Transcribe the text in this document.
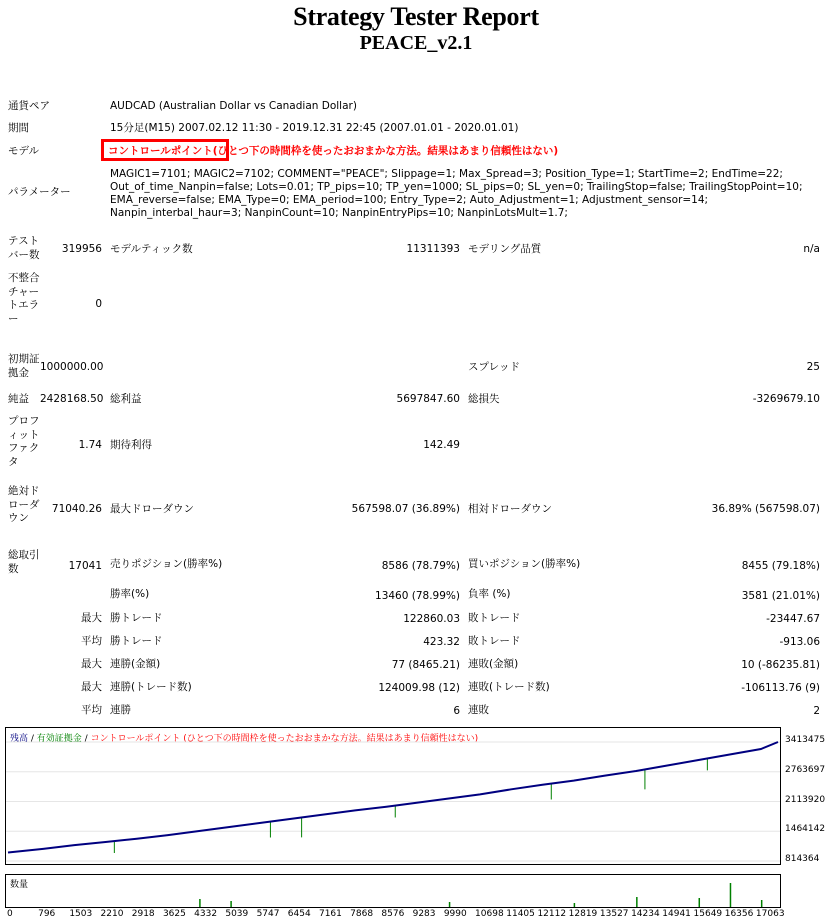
Strategy Tester Report
PEACE_v2.1
通貨ペア	AUDCAD (Australian Dollar vs Canadian Dollar)
期間	15分足(M15) 2007.02.12 11:30 - 2019.12.31 22:45 (2007.01.01 - 2020.01.01)
モデル	コントロールポイント(ひとつ下の時間枠を使ったおおまかな方法。結果はあまり信頼性はない)
パラメーター
MAGIC1=7101; MAGIC2=7102; COMMENT="PEACE"; Slippage=1; Max_Spread=3; Position_Type=1; StartTime=2; EndTime=22; Out_of_time_Nanpin=false; Lots=0.01; TP_pips=10; TP_yen=1000; SL_pips=0; SL_yen=0; TrailingStop=false; TrailingStopPoint=10; EMA_reverse=false; EMA_Type=0; EMA_period=100; Entry_Type=2; Auto_Adjustment=1; Adjustment_sensor=14; Nanpin_interbal_haur=3; NanpinCount=10; NanpinEntryPips=10; NanpinLotsMult=1.7;
テストバー数	319956 モデルティック数	11311393 モデリング品質	n/a
不整合チャートエラー
0
初期証拠金	1000000.00	スプレッド	25
純益 2428168.50 総利益	5697847.60 総損失	-3269679.10
プロフィットファクタ
1.74 期待利得	142.49
絶対ドローダウン
71040.26 最大ドローダウン	567598.07 (36.89%) 相対ドローダウン	36.89% (567598.07)
総取引数	17041 売りポジション(勝率%)	8586 (78.79%) 買いポジション(勝率%)	8455 (79.18%)
勝率(%)	13460 (78.99%) 負率 (%)	3581 (21.01%)
最大 勝トレード	122860.03 敗トレード	-23447.67
平均 勝トレード	423.32 敗トレード	-913.06
最大 連勝(金額)	77 (8465.21) 連敗(金額)	10 (-86235.81)
最大 連勝(トレード数)	124009.98 (12) 連敗(トレード数)	-106113.76 (9)
平均 連勝	6 連敗	2
残高 / 有効証拠金 / コントロールポイント (ひとつ下の時間枠を使ったおおまかな方法。結果はあまり信頼性はない)	3413475
2763697
2113920
1464142
814364
数量
0	796 1503 2210 2918 3625 4332 5039 5747 6454 7161 7868 8576 9283 9990 10698 11405 12112 12819 13527 14234 14941 15649 16356 17063
